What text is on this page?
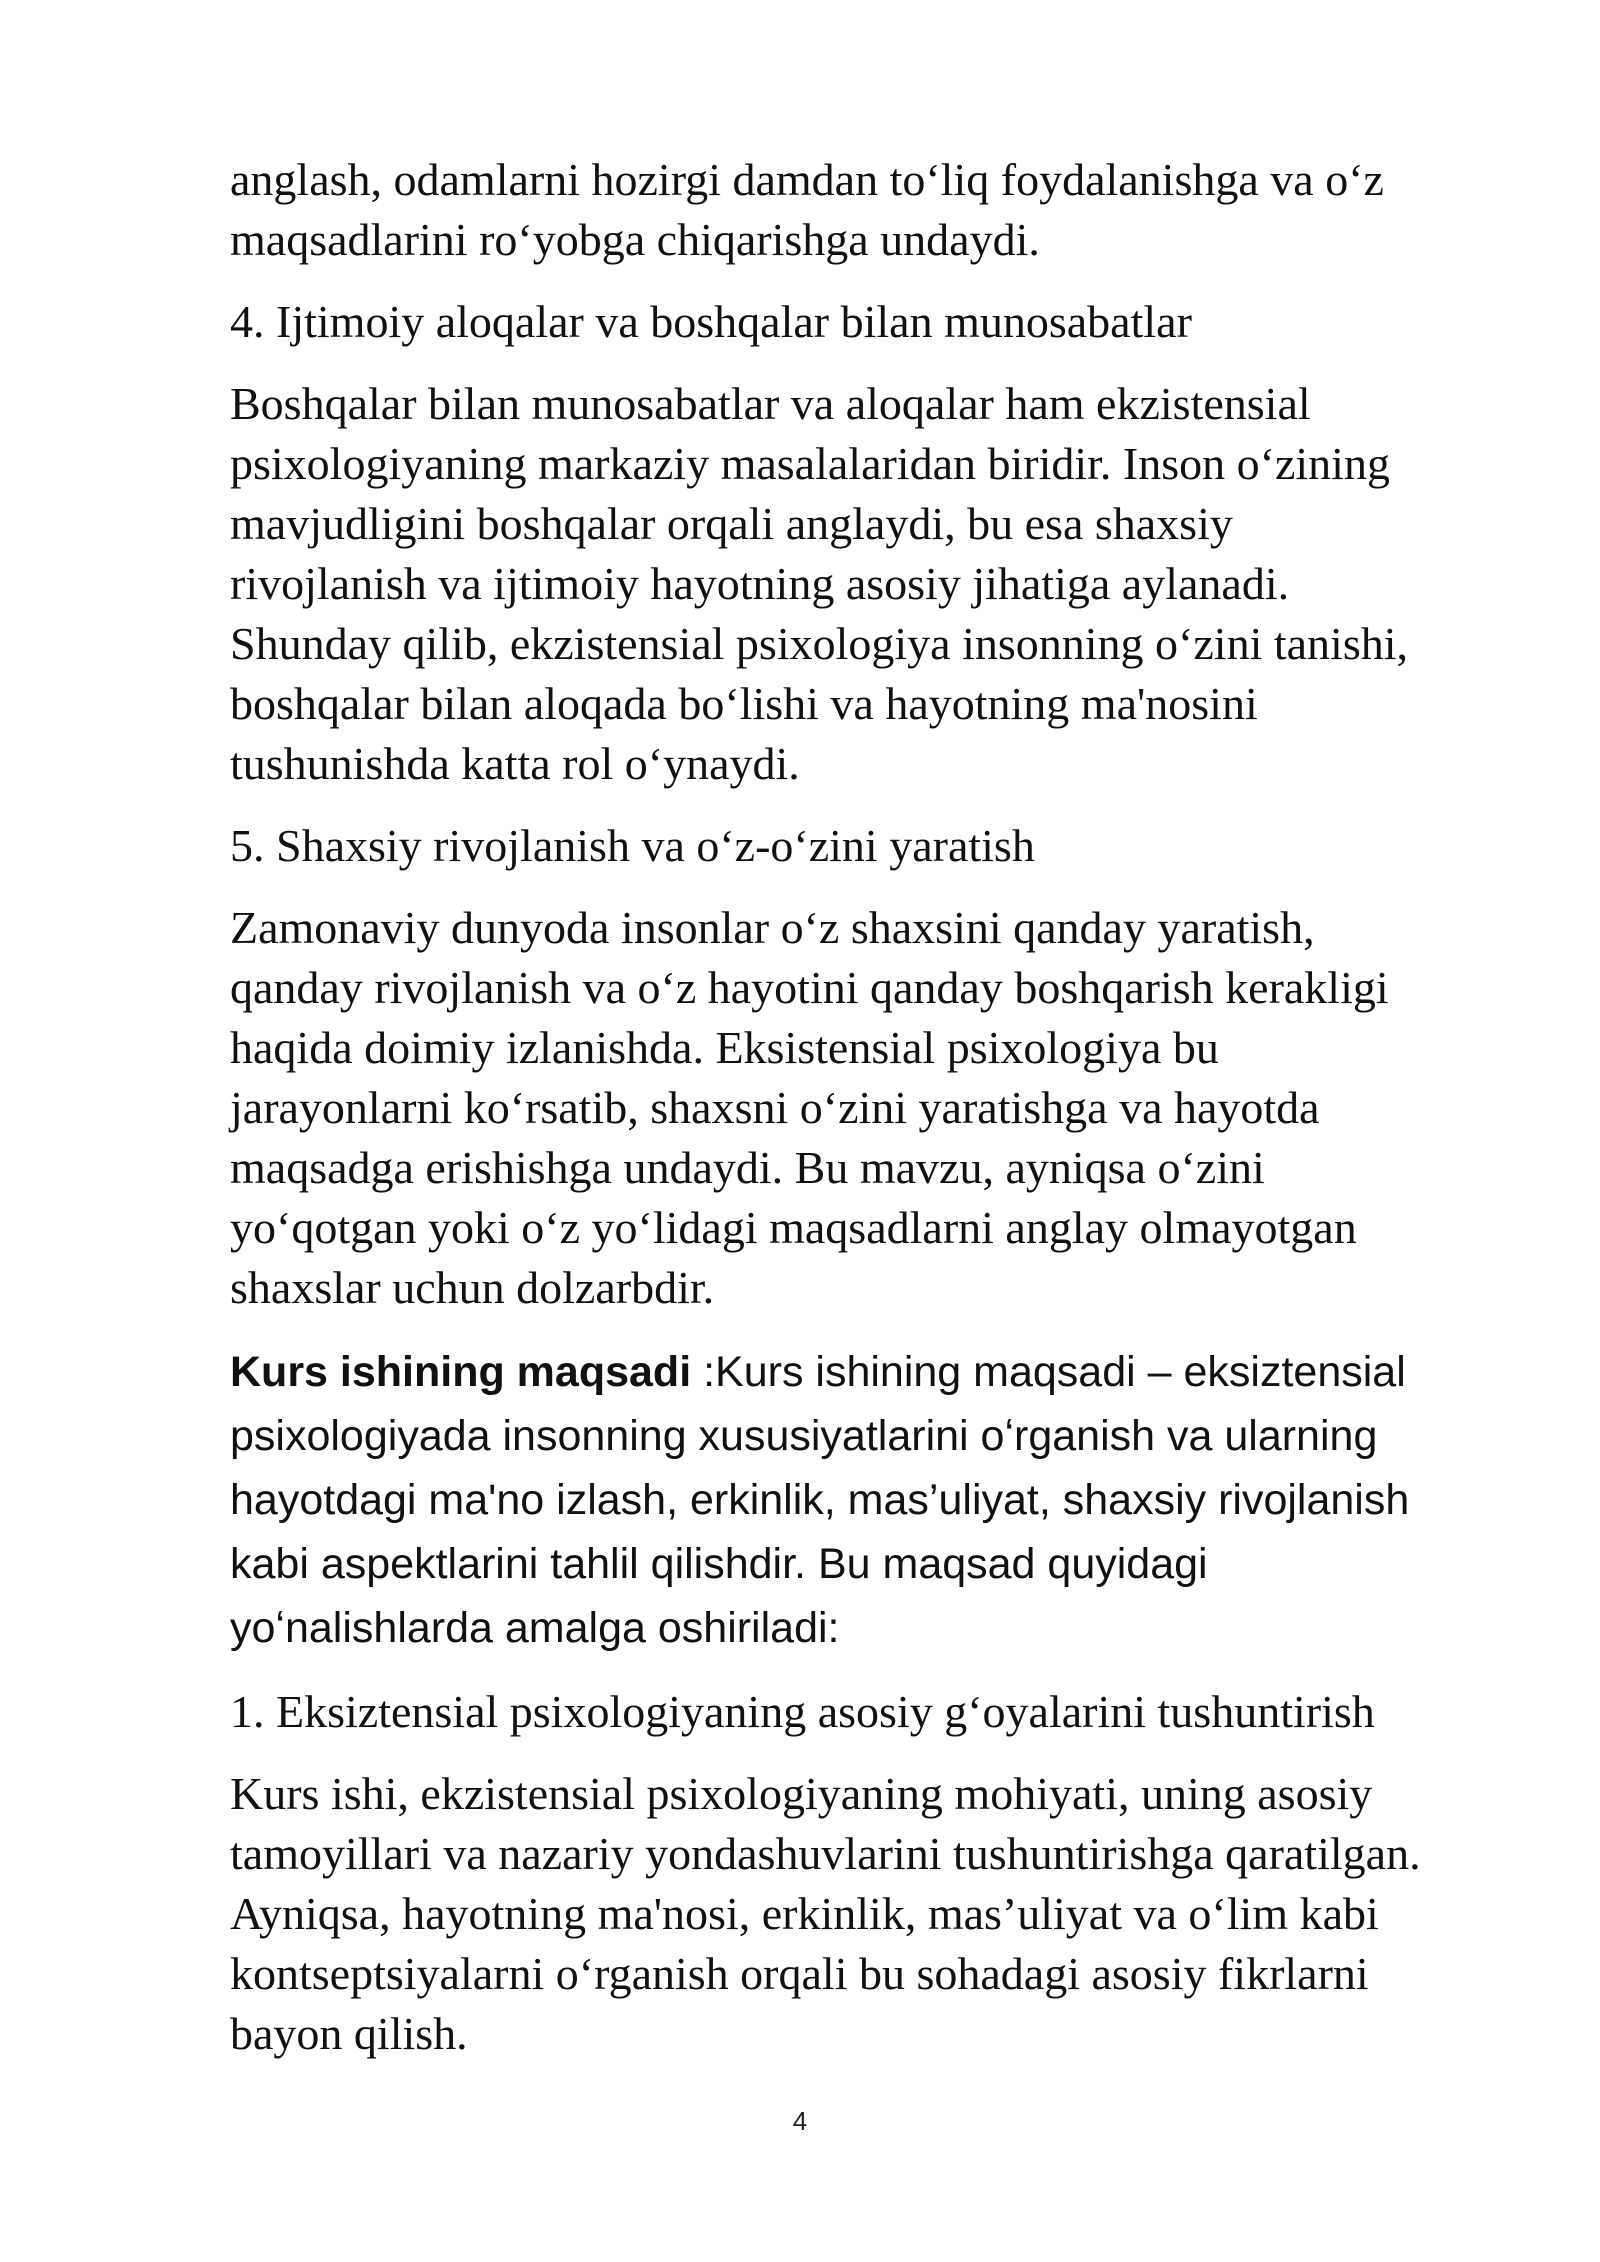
anglash, odamlarni hozirgi damdan to‘liq foydalanishga va o‘z
maqsadlarini ro‘yobga chiqarishga undaydi.
4. Ijtimoiy aloqalar va boshqalar bilan munosabatlar
Boshqalar bilan munosabatlar va aloqalar ham ekzistensial
psixologiyaning markaziy masalalaridan biridir. Inson o‘zining
mavjudligini boshqalar orqali anglaydi, bu esa shaxsiy
rivojlanish va ijtimoiy hayotning asosiy jihatiga aylanadi.
Shunday qilib, ekzistensial psixologiya insonning o‘zini tanishi,
boshqalar bilan aloqada bo‘lishi va hayotning ma'nosini
tushunishda katta rol o‘ynaydi.
5. Shaxsiy rivojlanish va o‘z-o‘zini yaratish
Zamonaviy dunyoda insonlar o‘z shaxsini qanday yaratish,
qanday rivojlanish va o‘z hayotini qanday boshqarish kerakligi
haqida doimiy izlanishda. Eksistensial psixologiya bu
jarayonlarni ko‘rsatib, shaxsni o‘zini yaratishga va hayotda
maqsadga erishishga undaydi. Bu mavzu, ayniqsa o‘zini
yo‘qotgan yoki o‘z yo‘lidagi maqsadlarni anglay olmayotgan
shaxslar uchun dolzarbdir.
Kurs ishining maqsadi :Kurs ishining maqsadi – eksiztensial
psixologiyada insonning xususiyatlarini oʻrganish va ularning
hayotdagi ma'no izlash, erkinlik, mas’uliyat, shaxsiy rivojlanish
kabi aspektlarini tahlil qilishdir. Bu maqsad quyidagi
yoʻnalishlarda amalga oshiriladi:
1. Eksiztensial psixologiyaning asosiy g‘oyalarini tushuntirish
Kurs ishi, ekzistensial psixologiyaning mohiyati, uning asosiy
tamoyillari va nazariy yondashuvlarini tushuntirishga qaratilgan.
Ayniqsa, hayotning ma'nosi, erkinlik, mas’uliyat va o‘lim kabi
kontseptsiyalarni o‘rganish orqali bu sohadagi asosiy fikrlarni
bayon qilish.
4
